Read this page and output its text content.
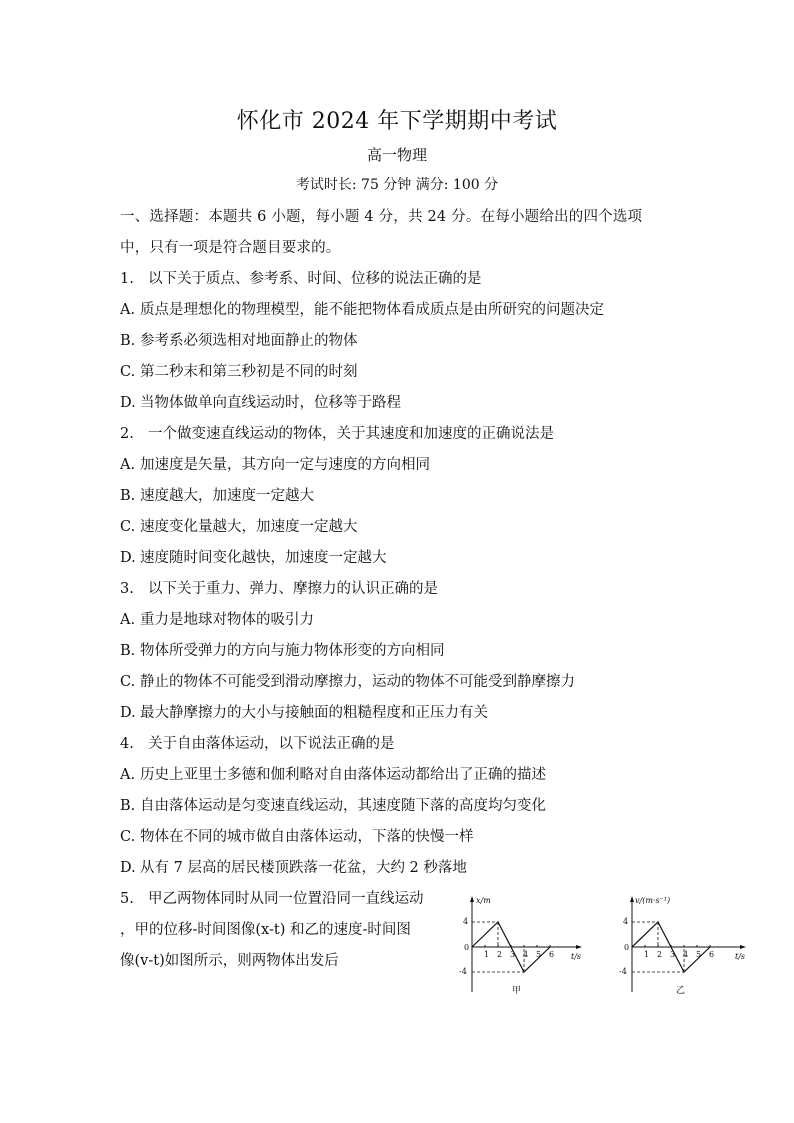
怀化市 2024 年下学期期中考试
高一物理
考试时长: 75 分钟 满分: 100 分
一、选择题：本题共 6 小题，每小题 4 分，共 24 分。在每小题给出的四个选项
中，只有一项是符合题目要求的。
1. 以下关于质点、参考系、时间、位移的说法正确的是
A. 质点是理想化的物理模型，能不能把物体看成质点是由所研究的问题决定
B. 参考系必须选相对地面静止的物体
C. 第二秒末和第三秒初是不同的时刻
D. 当物体做单向直线运动时，位移等于路程
2. 一个做变速直线运动的物体，关于其速度和加速度的正确说法是
A. 加速度是矢量，其方向一定与速度的方向相同
B. 速度越大，加速度一定越大
C. 速度变化量越大，加速度一定越大
D. 速度随时间变化越快，加速度一定越大
3. 以下关于重力、弹力、摩擦力的认识正确的是
A. 重力是地球对物体的吸引力
B. 物体所受弹力的方向与施力物体形变的方向相同
C. 静止的物体不可能受到滑动摩擦力，运动的物体不可能受到静摩擦力
D. 最大静摩擦力的大小与接触面的粗糙程度和正压力有关
4. 关于自由落体运动，以下说法正确的是
A. 历史上亚里士多德和伽利略对自由落体运动都给出了正确的描述
B. 自由落体运动是匀变速直线运动，其速度随下落的高度均匀变化
C. 物体在不同的城市做自由落体运动，下落的快慢一样
D. 从有 7 层高的居民楼顶跌落一花盆，大约 2 秒落地
5. 甲乙两物体同时从同一位置沿同一直线运动
，甲的位移-时间图像(x-t) 和乙的速度-时间图
像(v-t)如图所示，则两物体出发后
x/m
t/s
0
4
-4
1 2 3 4 5 6
甲
v/(m·s⁻¹)
t/s
0
4
-4
1 2 3 4 5 6
乙
